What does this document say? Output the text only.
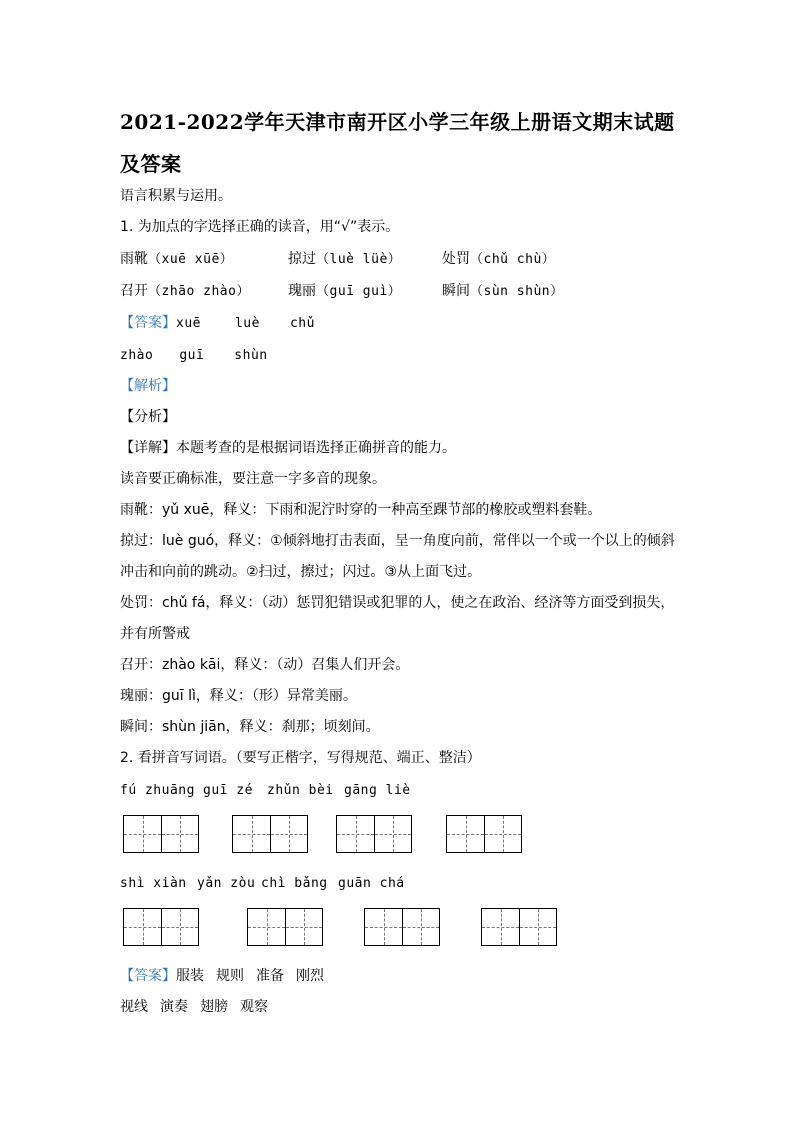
2021-2022学年天津市南开区小学三年级上册语文期末试题
及答案
语言积累与运用。
1. 为加点的字选择正确的读音，用“√”表示。
雨靴（xuē xūē）	掠过（luè lüè）	处罚（chǔ chù）
召开（zhāo zhào）	瑰丽（guī guì）	瞬间（sùn shùn）
【答案】xuē	luè chǔ
zhào guī shùn
【解析】
【分析】
【详解】本题考查的是根据词语选择正确拼音的能力。
读音要正确标准，要注意一字多音的现象。
雨靴：yǔ xuē，释义：下雨和泥泞时穿的一种高至踝节部的橡胶或塑料套鞋。
掠过：luè guó，释义：①倾斜地打击表面，呈一角度向前，常伴以一个或一个以上的倾斜
冲击和向前的跳动。②扫过，擦过；闪过。③从上面飞过。
处罚：chǔ fá，释义：（动）惩罚犯错误或犯罪的人，使之在政治、经济等方面受到损失，
并有所警戒
召开：zhào kāi，释义：（动）召集人们开会。
瑰丽：guī lì，释义：（形）异常美丽。
瞬间：shùn jiān，释义：刹那；顷刻间。
2. 看拼音写词语。（要写正楷字，写得规范、端正、整洁）
fú zhuāng guī zé zhǔn bèi gāng liè
shì xiàn yǎn zòu chì bǎng guān chá
【答案】服装 规则 准备 刚烈
视线 演奏 翅膀 观察
